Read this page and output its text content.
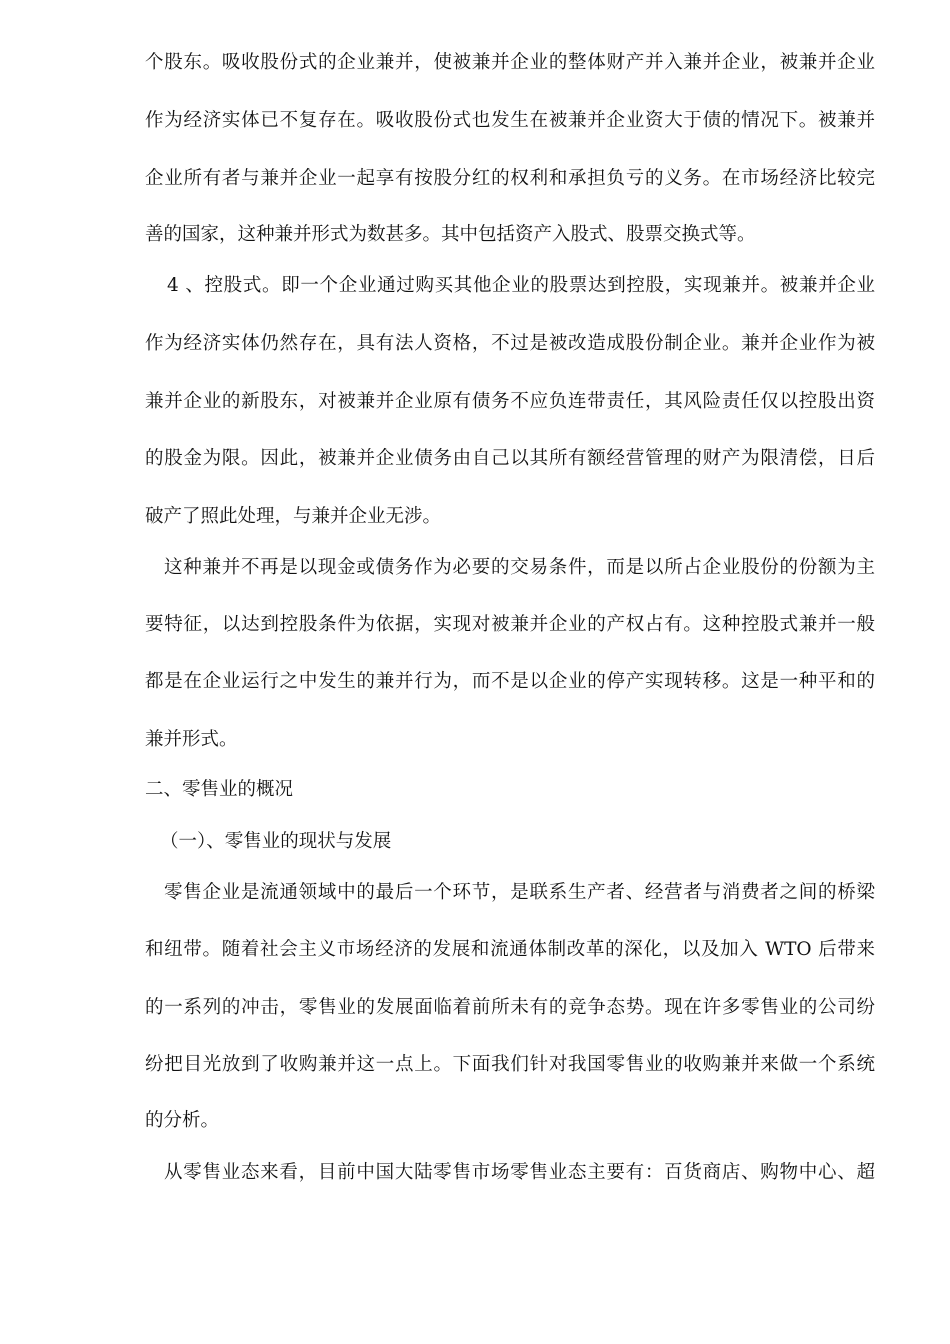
个股东。吸收股份式的企业兼并，使被兼并企业的整体财产并入兼并企业，被兼并企业
作为经济实体已不复存在。吸收股份式也发生在被兼并企业资大于债的情况下。被兼并
企业所有者与兼并企业一起享有按股分红的权利和承担负亏的义务。在市场经济比较完
善的国家，这种兼并形式为数甚多。其中包括资产入股式、股票交换式等。
4 、控股式。即一个企业通过购买其他企业的股票达到控股，实现兼并。被兼并企业
作为经济实体仍然存在，具有法人资格，不过是被改造成股份制企业。兼并企业作为被
兼并企业的新股东，对被兼并企业原有债务不应负连带责任，其风险责任仅以控股出资
的股金为限。因此，被兼并企业债务由自己以其所有额经营管理的财产为限清偿，日后
破产了照此处理，与兼并企业无涉。
这种兼并不再是以现金或债务作为必要的交易条件，而是以所占企业股份的份额为主
要特征，以达到控股条件为依据，实现对被兼并企业的产权占有。这种控股式兼并一般
都是在企业运行之中发生的兼并行为，而不是以企业的停产实现转移。这是一种平和的
兼并形式。
二、零售业的概况
（一）、零售业的现状与发展
零售企业是流通领域中的最后一个环节，是联系生产者、经营者与消费者之间的桥梁
和纽带。随着社会主义市场经济的发展和流通体制改革的深化，以及加入 WTO 后带来
的一系列的冲击，零售业的发展面临着前所未有的竞争态势。现在许多零售业的公司纷
纷把目光放到了收购兼并这一点上。下面我们针对我国零售业的收购兼并来做一个系统
的分析。
从零售业态来看，目前中国大陆零售市场零售业态主要有：百货商店、购物中心、超
